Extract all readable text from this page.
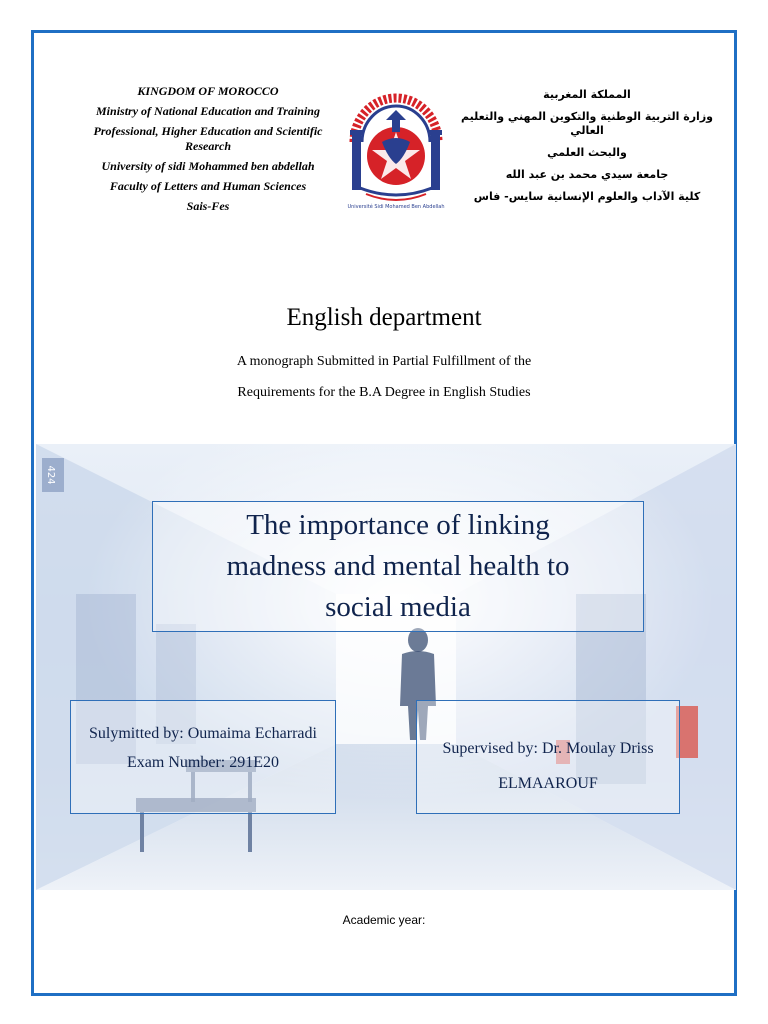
KINGDOM OF MOROCCO
Ministry of National Education and Training
Professional, Higher Education and Scientific Research
University of sidi Mohammed ben abdellah
Faculty of Letters and Human Sciences
Sais-Fes	Université Sidi Mohamed Ben Abdellah
المملكة المغربية
وزارة التربية الوطنية والتكوين المهني والتعليم العالي
والبحث العلمي
جامعة سيدي محمد بن عبد الله
كلية الآداب والعلوم الإنسانية سايس- فاس
English department
A monograph Submitted in Partial Fulfillment of the Requirements for the B.A Degree in English Studies
424
The importance of linking madness and mental health to social media
Sulymitted by: Oumaima Echarradi
Exam Number: 291E20
Supervised by: Dr. Moulay Driss
ELMAAROUF
Academic year:
